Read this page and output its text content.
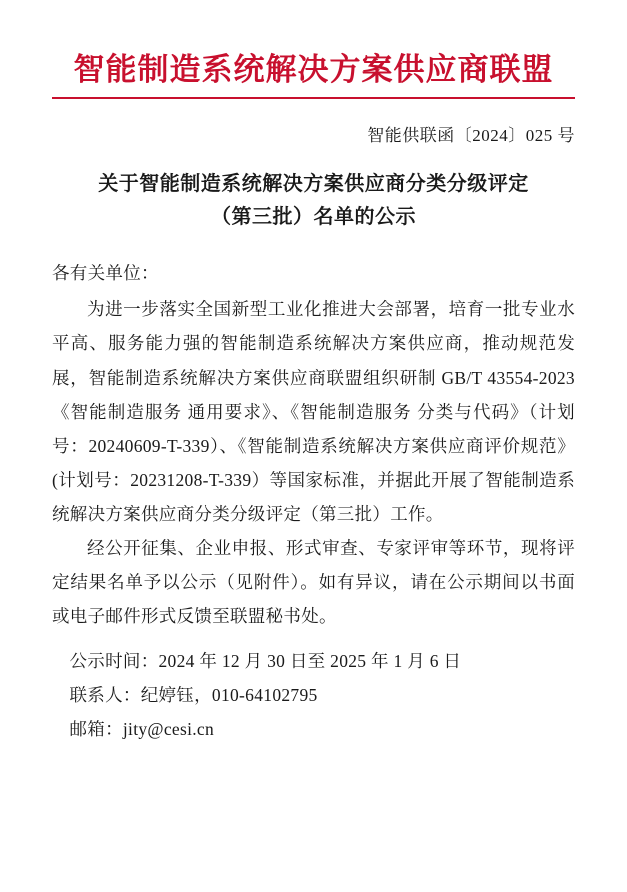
智能制造系统解决方案供应商联盟
智能供联函〔2024〕025 号
关于智能制造系统解决方案供应商分类分级评定
（第三批）名单的公示

各有关单位：

为进一步落实全国新型工业化推进大会部署，培育一批专业水平高、服务能力强的智能制造系统解决方案供应商，推动规范发展，智能制造系统解决方案供应商联盟组织研制 GB/T 43554-2023《智能制造服务 通用要求》、《智能制造服务 分类与代码》（计划号：20240609-T-339）、《智能制造系统解决方案供应商评价规范》(计划号：20231208-T-339）等国家标准，并据此开展了智能制造系统解决方案供应商分类分级评定（第三批）工作。

经公开征集、企业申报、形式审查、专家评审等环节，现将评定结果名单予以公示（见附件）。如有异议，请在公示期间以书面或电子邮件形式反馈至联盟秘书处。

公示时间：2024 年 12 月 30 日至 2025 年 1 月 6 日

联系人：纪婷钰，010-64102795

邮箱：jity@cesi.cn
